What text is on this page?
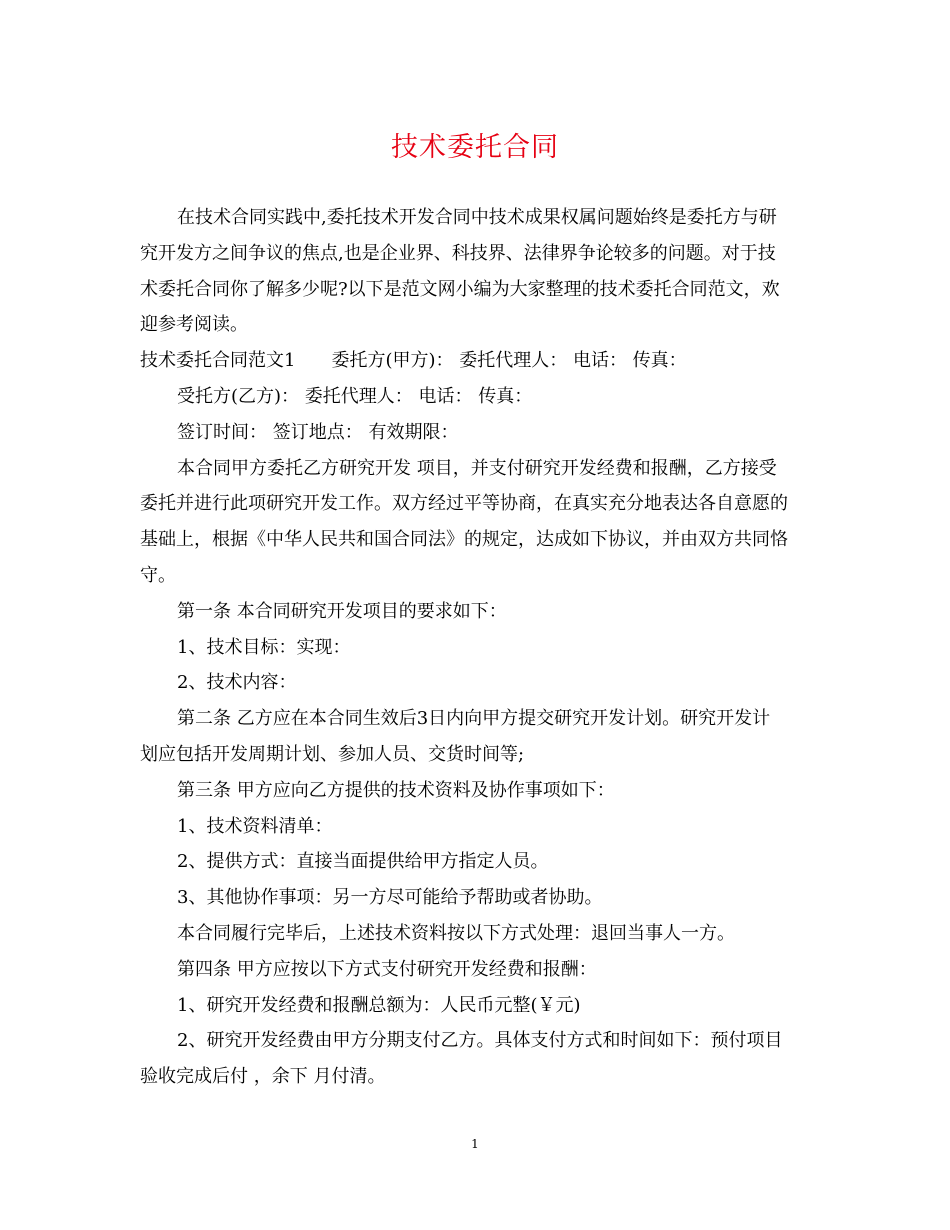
技术委托合同

在技术合同实践中,委托技术开发合同中技术成果权属问题始终是委托方与研

究开发方之间争议的焦点,也是企业界、科技界、法律界争论较多的问题。对于技

术委托合同你了解多少呢?以下是范文网小编为大家整理的技术委托合同范文，欢

迎参考阅读。

技术委托合同范文1　　委托方(甲方)： 委托代理人： 电话： 传真：

受托方(乙方)： 委托代理人： 电话： 传真：

签订时间： 签订地点： 有效期限：

本合同甲方委托乙方研究开发 项目，并支付研究开发经费和报酬，乙方接受

委托并进行此项研究开发工作。双方经过平等协商，在真实充分地表达各自意愿的

基础上，根据《中华人民共和国合同法》的规定，达成如下协议，并由双方共同恪

守。

第一条 本合同研究开发项目的要求如下：

1、技术目标：实现：

2、技术内容：

第二条 乙方应在本合同生效后3日内向甲方提交研究开发计划。研究开发计

划应包括开发周期计划、参加人员、交货时间等;

第三条 甲方应向乙方提供的技术资料及协作事项如下：

1、技术资料清单：

2、提供方式：直接当面提供给甲方指定人员。

3、其他协作事项：另一方尽可能给予帮助或者协助。

本合同履行完毕后，上述技术资料按以下方式处理：退回当事人一方。

第四条 甲方应按以下方式支付研究开发经费和报酬：

1、研究开发经费和报酬总额为：人民币元整(￥元)

2、研究开发经费由甲方分期支付乙方。具体支付方式和时间如下：预付项目

验收完成后付 ，余下 月付清。

1
